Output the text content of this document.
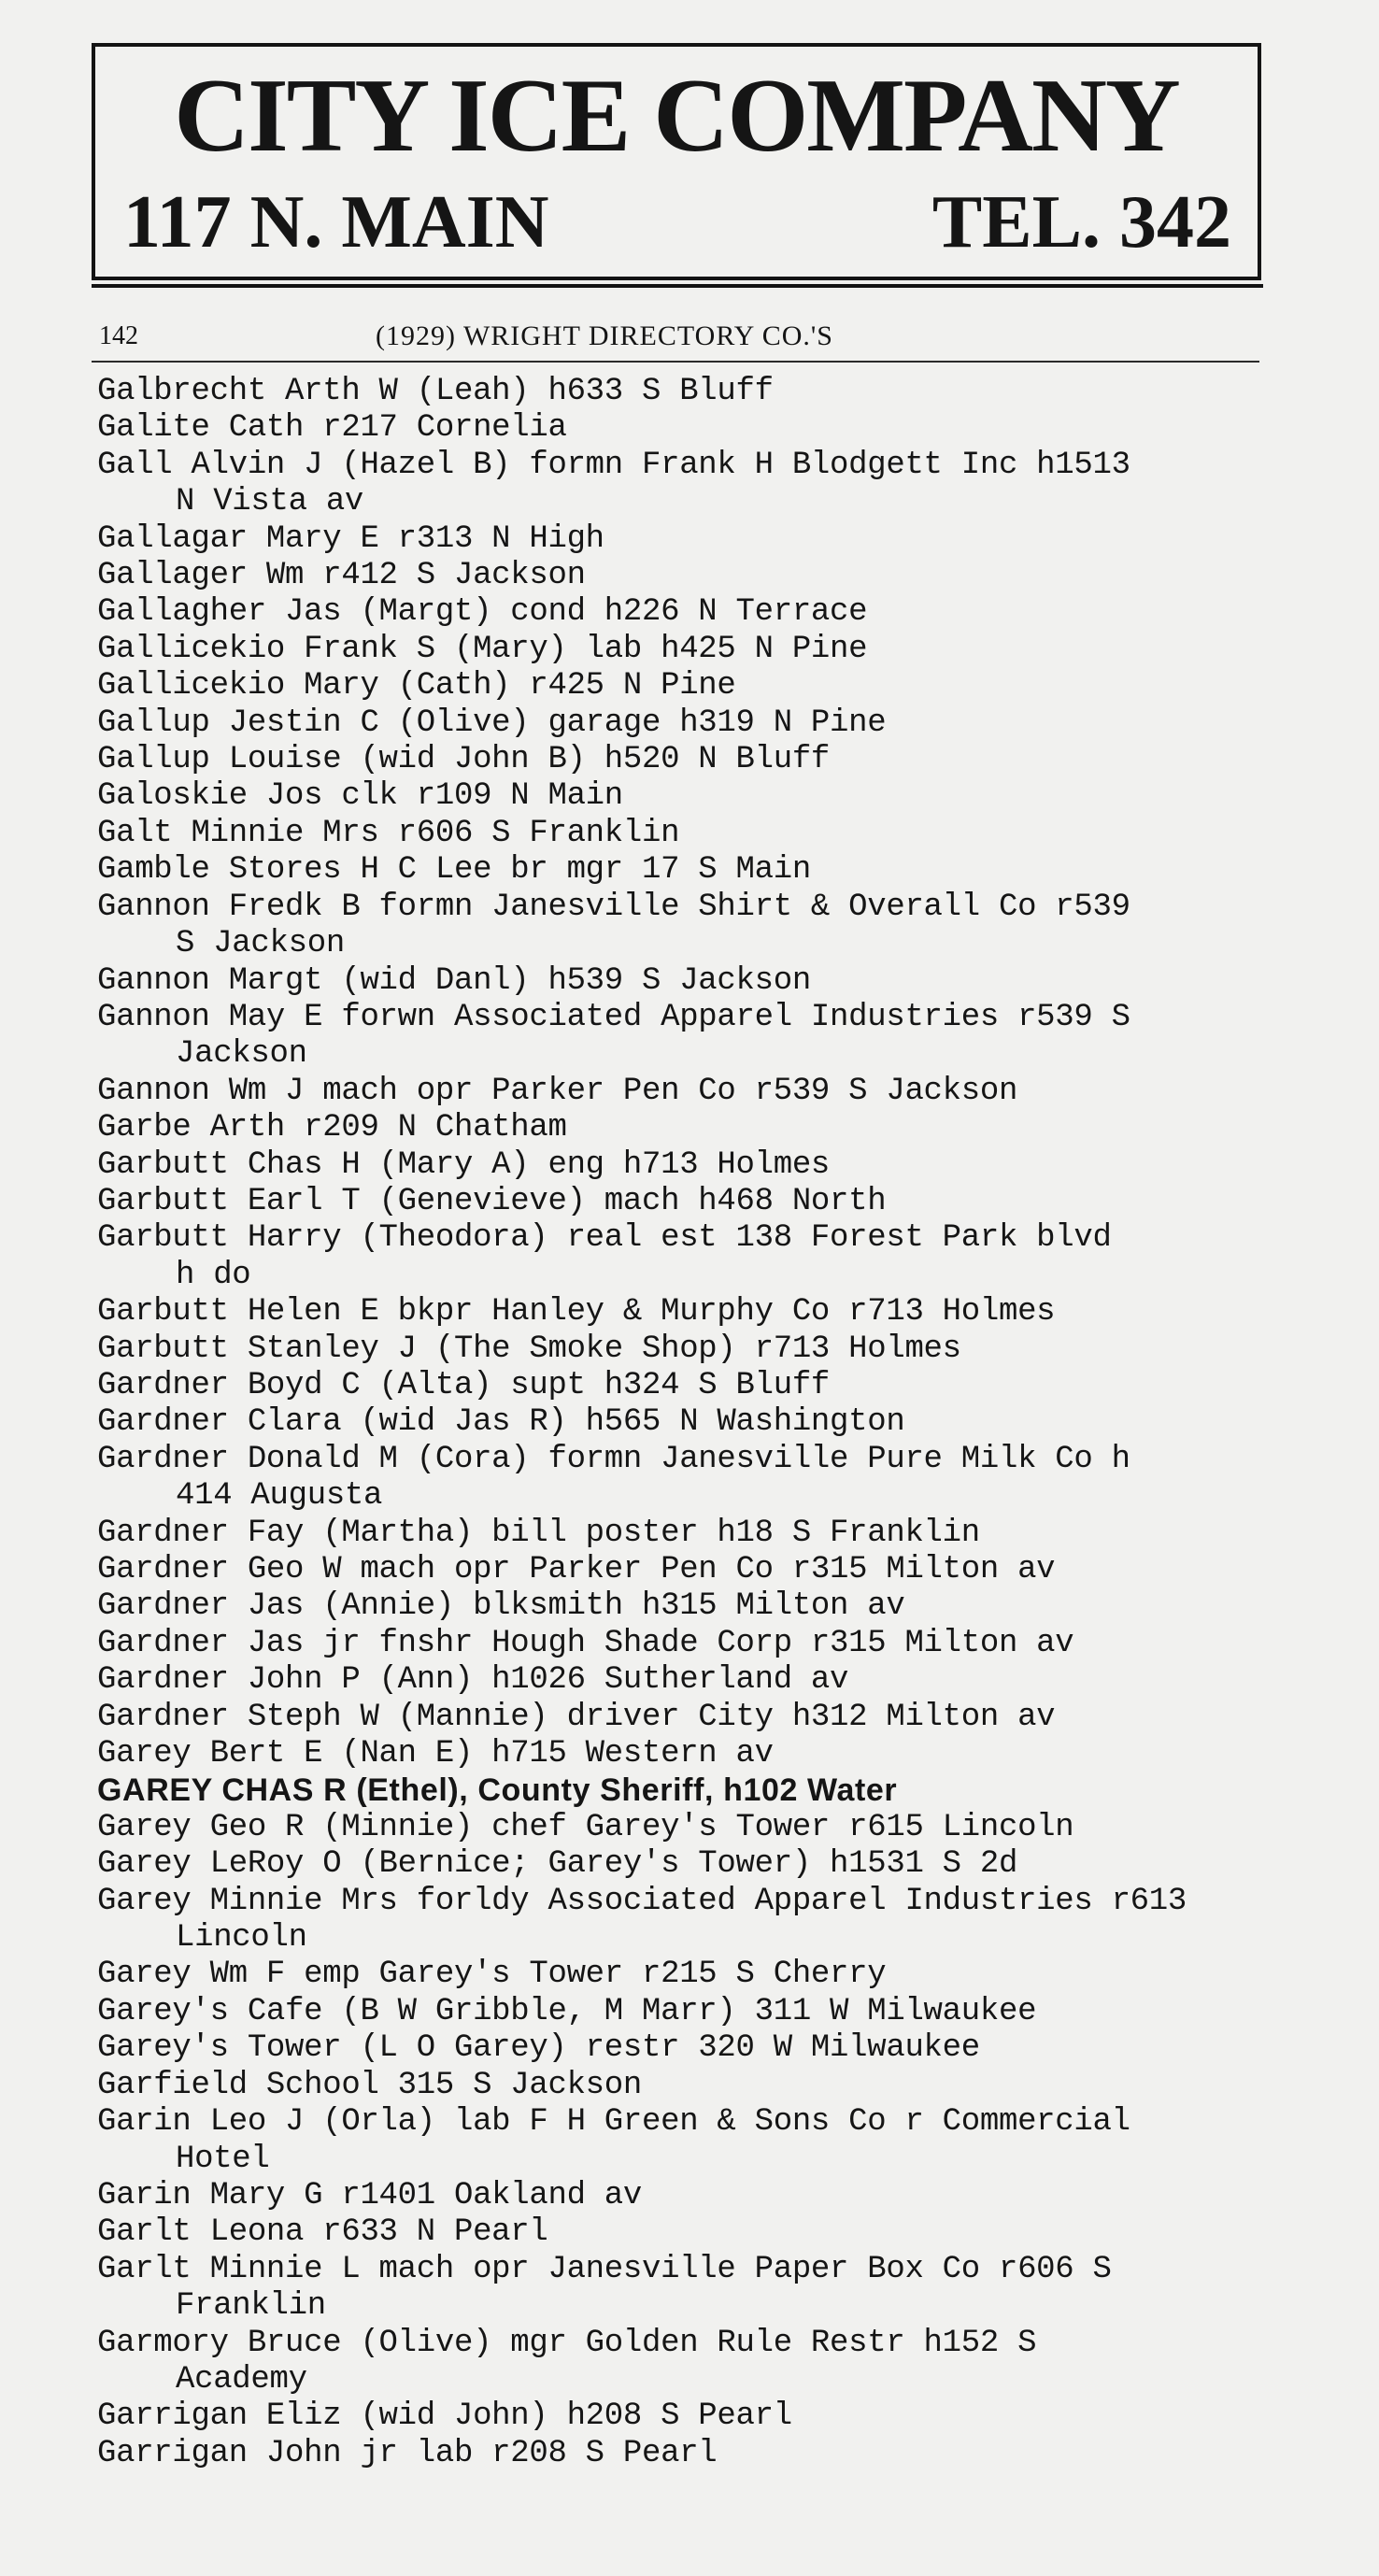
CITY ICE COMPANY
117 N. MAIN	TEL. 342
142	(1929) WRIGHT DIRECTORY CO.'S
Galbrecht Arth W (Leah) h633 S Bluff
Galite Cath r217 Cornelia
Gall Alvin J (Hazel B) formn Frank H Blodgett Inc h1513
N Vista av
Gallagar Mary E r313 N High
Gallager Wm r412 S Jackson
Gallagher Jas (Margt) cond h226 N Terrace
Gallicekio Frank S (Mary) lab h425 N Pine
Gallicekio Mary (Cath) r425 N Pine
Gallup Jestin C (Olive) garage h319 N Pine
Gallup Louise (wid John B) h520 N Bluff
Galoskie Jos clk r109 N Main
Galt Minnie Mrs r606 S Franklin
Gamble Stores H C Lee br mgr 17 S Main
Gannon Fredk B formn Janesville Shirt & Overall Co r539
S Jackson
Gannon Margt (wid Danl) h539 S Jackson
Gannon May E forwn Associated Apparel Industries r539 S
Jackson
Gannon Wm J mach opr Parker Pen Co r539 S Jackson
Garbe Arth r209 N Chatham
Garbutt Chas H (Mary A) eng h713 Holmes
Garbutt Earl T (Genevieve) mach h468 North
Garbutt Harry (Theodora) real est 138 Forest Park blvd
h do
Garbutt Helen E bkpr Hanley & Murphy Co r713 Holmes
Garbutt Stanley J (The Smoke Shop) r713 Holmes
Gardner Boyd C (Alta) supt h324 S Bluff
Gardner Clara (wid Jas R) h565 N Washington
Gardner Donald M (Cora) formn Janesville Pure Milk Co h
414 Augusta
Gardner Fay (Martha) bill poster h18 S Franklin
Gardner Geo W mach opr Parker Pen Co r315 Milton av
Gardner Jas (Annie) blksmith h315 Milton av
Gardner Jas jr fnshr Hough Shade Corp r315 Milton av
Gardner John P (Ann) h1026 Sutherland av
Gardner Steph W (Mannie) driver City h312 Milton av
Garey Bert E (Nan E) h715 Western av
GAREY CHAS R (Ethel), County Sheriff, h102 Water
Garey Geo R (Minnie) chef Garey's Tower r615 Lincoln
Garey LeRoy O (Bernice; Garey's Tower) h1531 S 2d
Garey Minnie Mrs forldy Associated Apparel Industries r613
Lincoln
Garey Wm F emp Garey's Tower r215 S Cherry
Garey's Cafe (B W Gribble, M Marr) 311 W Milwaukee
Garey's Tower (L O Garey) restr 320 W Milwaukee
Garfield School 315 S Jackson
Garin Leo J (Orla) lab F H Green & Sons Co r Commercial
Hotel
Garin Mary G r1401 Oakland av
Garlt Leona r633 N Pearl
Garlt Minnie L mach opr Janesville Paper Box Co r606 S
Franklin
Garmory Bruce (Olive) mgr Golden Rule Restr h152 S
Academy
Garrigan Eliz (wid John) h208 S Pearl
Garrigan John jr lab r208 S Pearl
